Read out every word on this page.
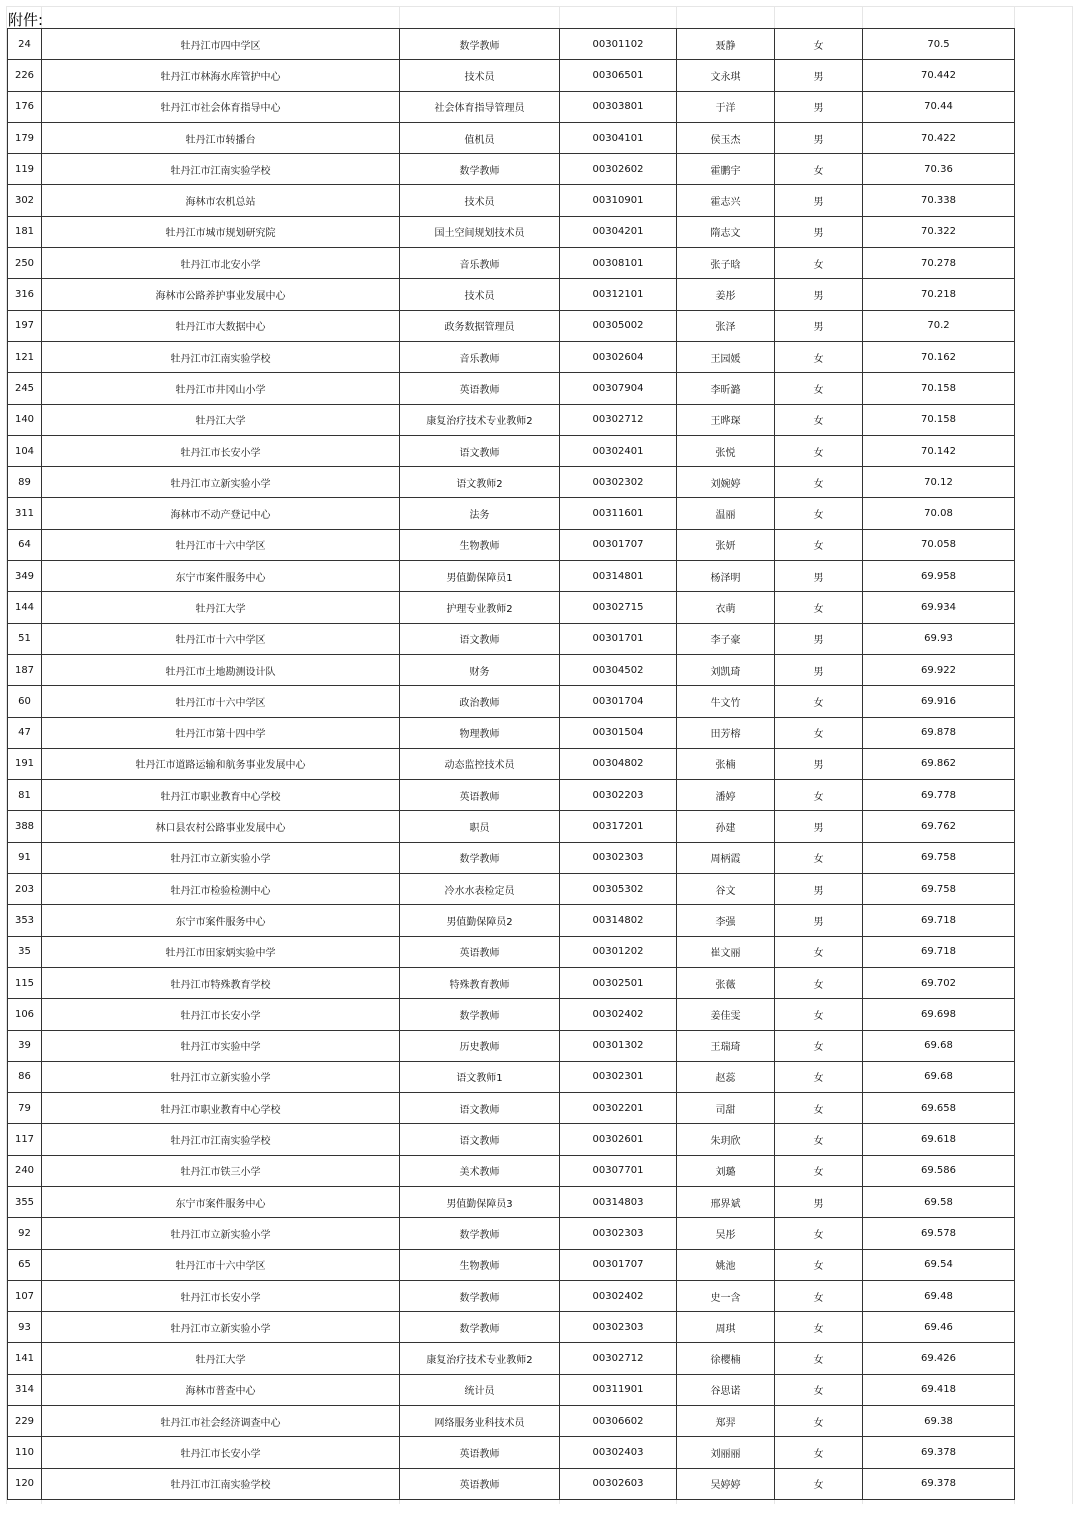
附件:
24	牡丹江市四中学区	数学教师	00301102	聂静	女	70.5
226	牡丹江市林海水库管护中心	技术员	00306501	文永琪	男	70.442
176	牡丹江市社会体育指导中心	社会体育指导管理员	00303801	于洋	男	70.44
179	牡丹江市转播台	值机员	00304101	侯玉杰	男	70.422
119	牡丹江市江南实验学校	数学教师	00302602	霍鹏宇	女	70.36
302	海林市农机总站	技术员	00310901	霍志兴	男	70.338
181	牡丹江市城市规划研究院	国土空间规划技术员	00304201	隋志文	男	70.322
250	牡丹江市北安小学	音乐教师	00308101	张子晗	女	70.278
316	海林市公路养护事业发展中心	技术员	00312101	姜彤	男	70.218
197	牡丹江市大数据中心	政务数据管理员	00305002	张泽	男	70.2
121	牡丹江市江南实验学校	音乐教师	00302604	王园媛	女	70.162
245	牡丹江市井冈山小学	英语教师	00307904	李昕潞	女	70.158
140	牡丹江大学	康复治疗技术专业教师2	00302712	王晔琛	女	70.158
104	牡丹江市长安小学	语文教师	00302401	张悦	女	70.142
89	牡丹江市立新实验小学	语文教师2	00302302	刘婉婷	女	70.12
311	海林市不动产登记中心	法务	00311601	温丽	女	70.08
64	牡丹江市十六中学区	生物教师	00301707	张妍	女	70.058
349	东宁市案件服务中心	男值勤保障员1	00314801	杨泽明	男	69.958
144	牡丹江大学	护理专业教师2	00302715	衣萌	女	69.934
51	牡丹江市十六中学区	语文教师	00301701	李子豪	男	69.93
187	牡丹江市土地勘测设计队	财务	00304502	刘凯琦	男	69.922
60	牡丹江市十六中学区	政治教师	00301704	牛文竹	女	69.916
47	牡丹江市第十四中学	物理教师	00301504	田芳榕	女	69.878
191	牡丹江市道路运输和航务事业发展中心	动态监控技术员	00304802	张楠	男	69.862
81	牡丹江市职业教育中心学校	英语教师	00302203	潘婷	女	69.778
388	林口县农村公路事业发展中心	职员	00317201	孙建	男	69.762
91	牡丹江市立新实验小学	数学教师	00302303	周柄霞	女	69.758
203	牡丹江市检验检测中心	冷水水表检定员	00305302	谷文	男	69.758
353	东宁市案件服务中心	男值勤保障员2	00314802	李强	男	69.718
35	牡丹江市田家炳实验中学	英语教师	00301202	崔文丽	女	69.718
115	牡丹江市特殊教育学校	特殊教育教师	00302501	张薇	女	69.702
106	牡丹江市长安小学	数学教师	00302402	姜佳雯	女	69.698
39	牡丹江市实验中学	历史教师	00301302	王瑞琦	女	69.68
86	牡丹江市立新实验小学	语文教师1	00302301	赵蕊	女	69.68
79	牡丹江市职业教育中心学校	语文教师	00302201	司甜	女	69.658
117	牡丹江市江南实验学校	语文教师	00302601	朱玥欣	女	69.618
240	牡丹江市铁三小学	美术教师	00307701	刘璐	女	69.586
355	东宁市案件服务中心	男值勤保障员3	00314803	邢界斌	男	69.58
92	牡丹江市立新实验小学	数学教师	00302303	吴彤	女	69.578
65	牡丹江市十六中学区	生物教师	00301707	姚池	女	69.54
107	牡丹江市长安小学	数学教师	00302402	史一含	女	69.48
93	牡丹江市立新实验小学	数学教师	00302303	周琪	女	69.46
141	牡丹江大学	康复治疗技术专业教师2	00302712	徐樱楠	女	69.426
314	海林市普查中心	统计员	00311901	谷思诺	女	69.418
229	牡丹江市社会经济调查中心	网络服务业科技术员	00306602	郑羿	女	69.38
110	牡丹江市长安小学	英语教师	00302403	刘丽丽	女	69.378
120	牡丹江市江南实验学校	英语教师	00302603	吴婷婷	女	69.378
